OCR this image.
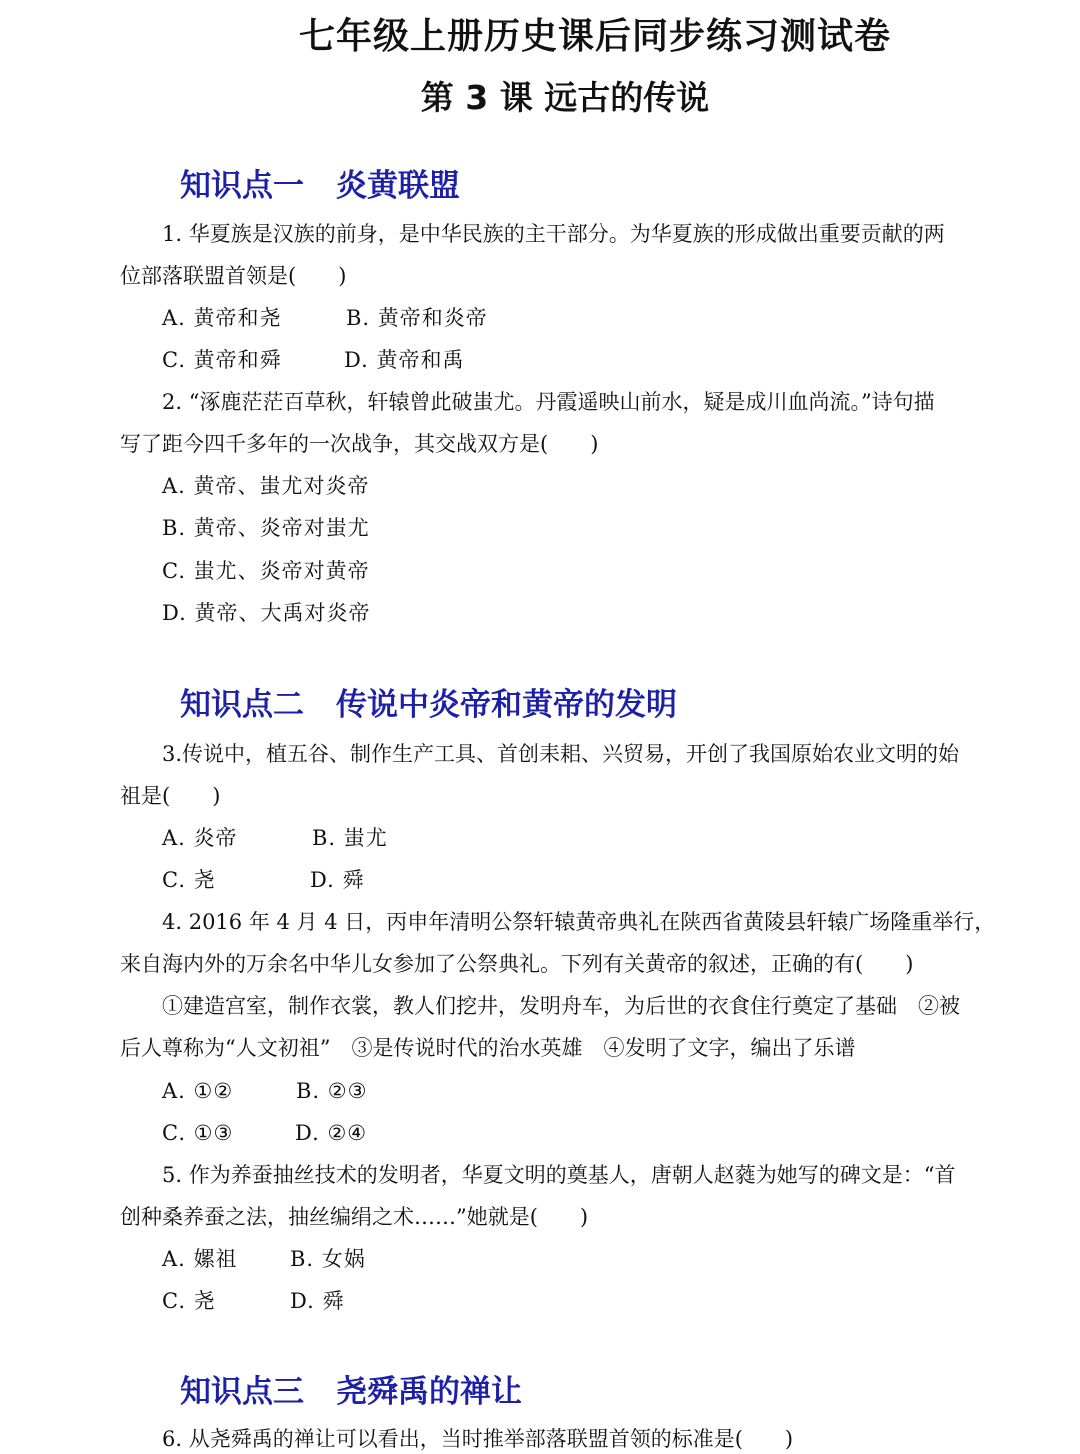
七年级上册历史课后同步练习测试卷
第 3 课 远古的传说
知识点一 炎黄联盟
1. 华夏族是汉族的前身，是中华民族的主干部分。为华夏族的形成做出重要贡献的两
位部落联盟首领是(　　)
A. 黄帝和尧	B. 黄帝和炎帝
C. 黄帝和舜	D. 黄帝和禹
2. “涿鹿茫茫百草秋，轩辕曾此破蚩尤。丹霞遥映山前水，疑是成川血尚流。”诗句描
写了距今四千多年的一次战争，其交战双方是(　　)
A. 黄帝、蚩尤对炎帝
B. 黄帝、炎帝对蚩尤
C. 蚩尤、炎帝对黄帝
D. 黄帝、大禹对炎帝
知识点二 传说中炎帝和黄帝的发明
3.传说中，植五谷、制作生产工具、首创耒耜、兴贸易，开创了我国原始农业文明的始
祖是(　　)
A. 炎帝	B. 蚩尤
C. 尧	D. 舜
4. 2016 年 4 月 4 日，丙申年清明公祭轩辕黄帝典礼在陕西省黄陵县轩辕广场隆重举行，
来自海内外的万余名中华儿女参加了公祭典礼。下列有关黄帝的叙述，正确的有(　　)
①建造宫室，制作衣裳，教人们挖井，发明舟车，为后世的衣食住行奠定了基础　②被
后人尊称为“人文初祖”　③是传说时代的治水英雄　④发明了文字，编出了乐谱
A. ①②	B. ②③
C. ①③	D. ②④
5. 作为养蚕抽丝技术的发明者，华夏文明的奠基人，唐朝人赵蕤为她写的碑文是：“首
创种桑养蚕之法，抽丝编绢之术……”她就是(　　)
A. 嫘祖 B. 女娲
C. 尧	D. 舜
知识点三 尧舜禹的禅让
6. 从尧舜禹的禅让可以看出，当时推举部落联盟首领的标准是(　　)
